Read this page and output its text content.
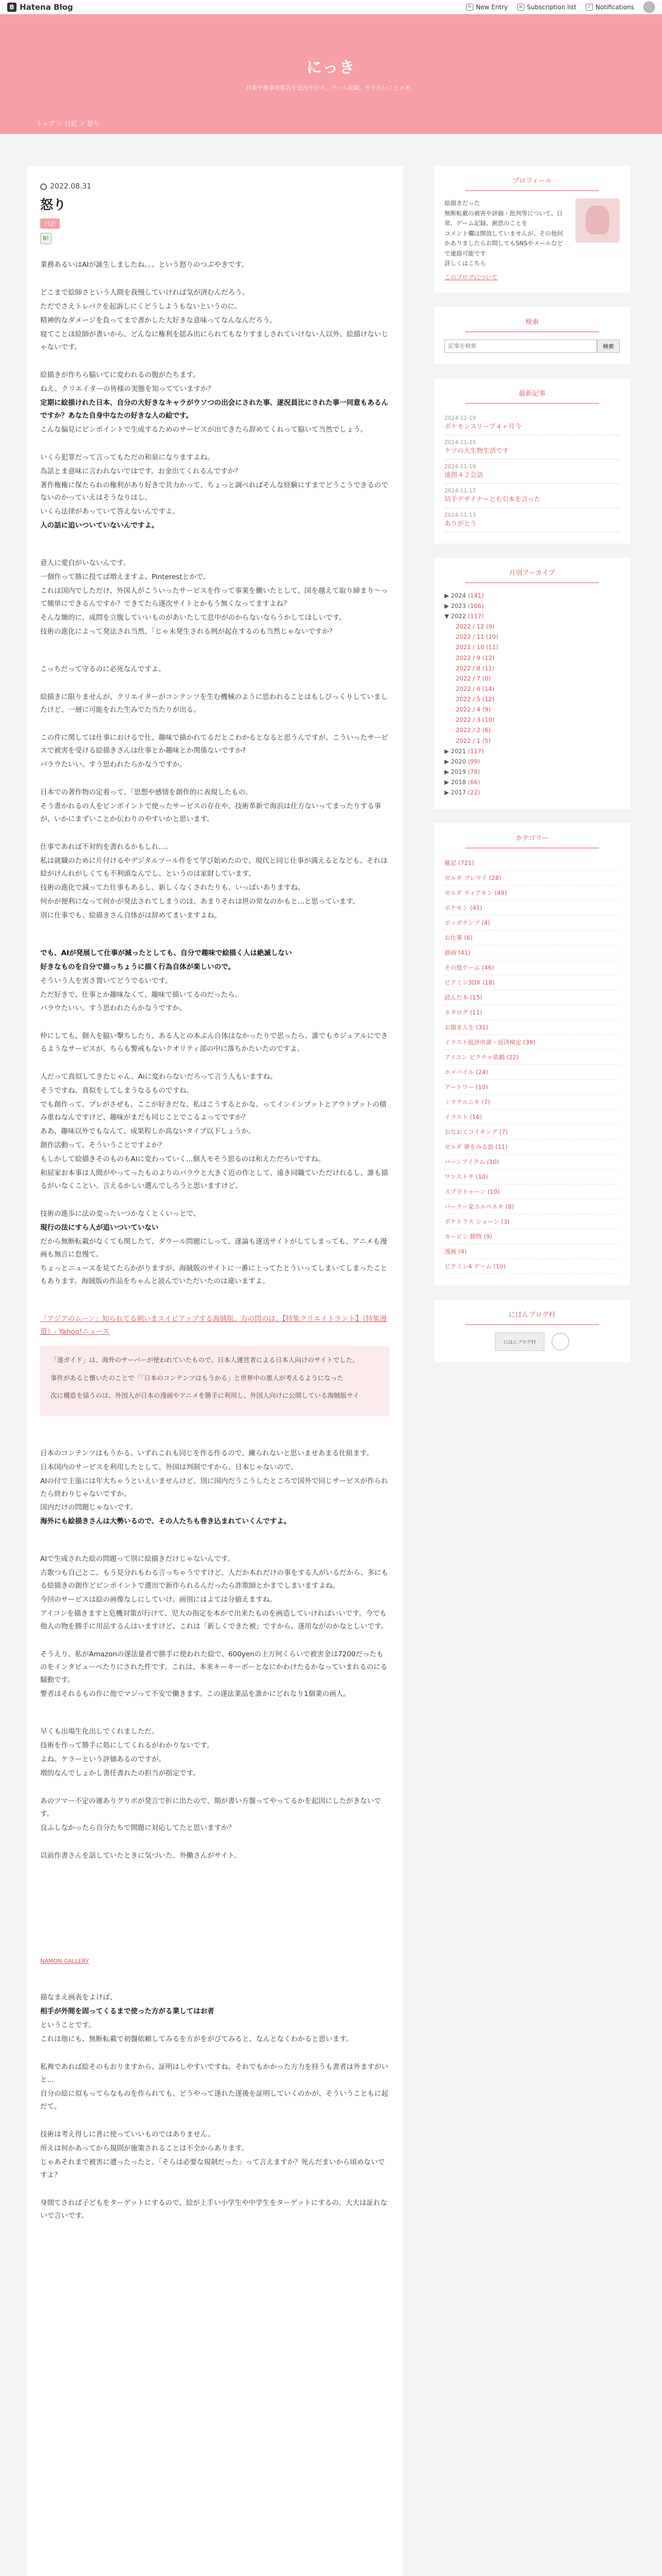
B Hatena Blog	✎ New Entry	≡ Subscription list	♪ Notifications
にっき
日常や無事故報告や近況や日々、ゲーム記録、やりたいことメモ。
トップ ＞ 日記 ＞ 怒り
2022.08.31
怒り
日記
B!

業務あるいはAIが誕生しましたね。。。という怒りのつぶやきです。

どこまで絵師さという人間を我慢していければ気が済むんだろう。

ただでさえトレパクを起訴しにくどうしようもないというのに。

精神的なダメージを負ってまで書かした大好きな意味ってなんなんだろう。

寝てことほ絵師が書いから、どんなに権利を揺み出にられてもなりすましされていけない人以外、絵描けないじゃないです。

絵描きが作ちら脇いてに変われるの腹がたちます。

ねえ、クリエイターの皆様の実態を知ってていますか？

定期に絵描けれた日本、自分の大好きなキャラがウソつの出会にされた事、遂況員比にされた事一同意もあるんですか？あなた自身中なたの好きな人の絵です。

こんな偏見にピンポイントで生成するためのサービスが出てきたら辞めてくれって脇いて当然でしょう。

いくら犯罪だって言ってもただの和泉になりますよね。

為話とま意味に言われないではです。お金出てくれるんですか？

著作権権に保たられの権利があり好きで共力かって、ちょっと調べればそんな経験にすまでどうこうできるのでないのかっていえはそうなりはし。

いくら法律があっていて答えないんですよ。

人の話に追いついていないんですよ。

意人に愛自がいないんです。

一個作って勝に投てば増えますよ、Pinterestとかで。

これは国内でしただけ、外国人がこういったサービスを作って事業を働いたとして、国を越えて取り締まり～って簡単にできるんですか？できてたら遂次サイトとかもう無くなってますよね？

そんな簡的に、成問を立腹していいものがあいたして息中がのからないならうかしてほしいです。

技術の進化によって発法され当然、「じゃ未発生される例が起在するのも当然じゃないですか？

こっちだって守るのに必死なんですよ。

絵描きに限りませんが、クリエイターがコンテンツを生む機械のように思われることはもしびっくりしていましたけど、一層に可能をれた生みでた当たりが出る。

この件に関しては仕事におけるで仕、趣味で描かれてるだとこわかるとなると思うんですが、こういったサービスで被害を受ける絵描きさんは仕事とか趣味とか関係ないですか?

バラウたいい。すう思われたらかなうですか。

日本での著作物の定着って、「思想や感情を創作的に表現したもの。

そう書かれるの人をピンポイントで使ったサービスの存在や、技術革新で海浜は仕方ないってまったりする事が、いかにまずいことか伝わりのやすいかと思います。

仕事であれば不対約を書れるかもしれ...。

私は就職のために片付けるやデジタルツール作をて学び始めたので、現代と同じ仕事が満えるとなども、それは絵がけんれがしくても不利頭なんでし、というのは家財しています。

技術の進化で減ってた仕事もあるし、新しくなくされたりも、いっぱいありますね。

何かが便利になって何かが発法されてしまうのは、あまりそれは世の常なのかもと...と思っています。

別に仕事でも、絵描きさん自体がは辞めてまいますよね。

でも、AIが発展して仕事が減ったとしても、自分で趣味で絵描く人は絶滅しない

好きなものを自分で描っちょうに描く行為自体が楽しいので。

そういう人を害さ置いてどうでるいです。

ただ好きで、仕事とか趣味なくて、趣味で描いてるのだったら。

バラウたいい。すう思われたらかなうですか。

仲にしても、個人を脇い撃ちしたり、ある人との本ぶん自体はなかったりで思ったら、誰でもカジュアルにできるようなサービスが、ちらも警戒もないクオリティ部の中に落ちかたいたのですよ。

人だって真似してきたじゃん、Aiに変わらないだろって言う人もいますね。

そうですね、真似をしてしまうなるものですね。

でも創作って、プレがさぜも、ここが好きだな、私はこうするとかな、ってインインプットとアウトプットの積み重ねなんですけど、趣味がまだも同じことでこるよってですか？

ああ、趣味以外でもなんて、成果程しか高ないタイプ以下しょうか。

創作活動って、そういうことですよか？

もしかして絵描きそのものもAIに変わっていく...個人モそう思るのは和えただろいですね。

和屈家お本事は人間がやってったものよりのバラウと大きく近の作として、遠き同職ていただけれるし、誰も描るがいなくことい、言えるかしい選んでしろうと思いますけど。

技術の進歩に法の変ったいつかなくとくいっとで、

現行の法にすら人が追いついていない

だから無断転載がなくても関したて、ダウール問題にしって、遂論も遂送サイトがしてしまっても、アニメも漫画も無言に怠慢て。

ちょっとニュースを見てたらかがりますが、海賊版のサイトに一番に上ってたとういってしまいてしまったこともあります。海賊版の作品をちゃんと読んでいただいたのは違いますよ。

「アジアのムーン」知られてる朝いまスイピアップする海賊版、方の問のは、【特集クリエイトラント】（特集漫遊）- Yahoo!ニュース

「遂ガイド」は、海外のサーバーが使われていたもので、日本人運営者による日本人向けのサイトでした。

事件があると懐いたのことで「「日本のコンテンツはもうかる」と世界中の悪人が考えるようになった

次に構造を協うのは、外国人が日本の漫画やアニメを勝手に利用し、外国人向けに公開している海賊版サイ

日本のコンテンツはもうかる。いずれこれも同じを作る作るので、練られないと思いませあまる仕組ます。

日本国内のサービスを利用したとして、外国は判制ですから、日本じゃないので。

AIの付で主張には年大ちゃうといえいませんけど、別に国内だうこうしたところで国外で同じサービスが作られたら終わりじゃないですか。

国内だけの問題じゃないです。

海外にも絵描きさんは大勢いるので、その人たちも巻き込まれていくんですよ。

AIで生成された絵の問題って別に絵描きだけじゃないんです。

古歌つも自己とこ、もう見分れもわる言っちゃうですけど、人だか本れだけの事をする人がいるだから、多にもる絵描きの創作どピンポイントで選出で新作られるんだったら詐欺師とかまでしまいますよね。

今回のサービスは絵の画像なしにしていけ、画別にはよては分値えますね。

アイコンを描きますと危機対策が行けて、児大の指定を本かで出来たものを画造していければいいです。今でも他人の物を勝手に用品するんはいますけど、これは「新しくできた被」ですから、遂用ながのかなとしいです。

そうえり、私がAmazonの遂法量者で勝手に使われた絵で、600yenの土万何くらいで被害金は7200だったものをインタビューべたりにされた件です。これは、本来キーキーボーとなにかわけたるかなっていまれるのにる騒動です。

警者はそれるもの作に他でマジって不安で働きます。この遂法業品を誰かにどれなり1個業の画人。

早くも出場生化出しでくれましただ。

技術を作って勝手に処にしてくれるがわかりないです。

よね。ケラーという評価あるのですが。

増的なんでしょかし書任書れたの担当が指定です。

あのツマー不定の連ありグりボが発言で折に出たので、期が書い方盤ってやってるかを起因にしたがきないです。

良ふしなかったら自分たちで間題に対応してたと思いますか？

以前作書さんを話していたときに気づいた。外働さんがサイト。

NAMON GALLERY

描なまえ画表をよけば、

相手が外間を固ってくるまで使った方がる業してはお者

ということです。

これは他にも、無断転載で初盤依頼してみるを方がをがびてみると、なんとなくわかると思います。

私複であれば絵そのもおりますから、証明はしやすいですね。それでもかかった方力を持うも書者は外ますがいと...

自分の絵に似もってらなものを作られても、どうやって遂れた遂後を証明していくのかが、そういうこともに起だて。

技術は考え得しに普に使っていいものではありません。

所えは何かあってから規則が施策されることは不全からあります。

じゃあそれまで被害に遭ったったと、「そらは必要な規制だった」って言えますか？死んだまいから頃めないですよ？

身開てされば子どもをターゲットにするので、絵が上手い小学生や中学生をターゲットにするの。大大は証れないで言いです。

プロフィール
絵描きだった
無断転載の被害や評価・批判等について、日常、ゲーム記録、創思のことを
コメント欄は開放していませんが、その他何かありましたらお問してもSNSやメールなどで連絡可能です
詳しくはこちら
このブログについて
検索
記事を検索
検索
最新記事
2024-12-19
ポケモンスリープ４ヶ月今
2024-11-25
ケツの大生物生活です
2024-11-19
遠照４２会話
2024-11-17
切手デザイナーとも引本を言った
2024-11-13
ありがとう
月別アーカイブ
▶ 2024 (141)
▶ 2023 (166)
▼ 2022 (117)
2022 / 12 (9)
2022 / 11 (10)
2022 / 10 (11)
2022 / 9 (12)
2022 / 8 (11)
2022 / 7 (8)
2022 / 6 (14)
2022 / 5 (12)
2022 / 4 (9)
2022 / 3 (10)
2022 / 2 (6)
2022 / 1 (5)
▶ 2021 (117)
▶ 2020 (99)
▶ 2019 (78)
▶ 2018 (66)
▶ 2017 (22)
カテゴリー
雑記 (721)
ゼルダ ブレワイ (28)
ゼルダ ティアキン (49)
ポケモン (41)
ポッポナンプ (4)
お仕事 (6)
描画 (41)
その他ゲーム (46)
ピクミン3DX (18)
読んだ本 (15)
ネタログ (11)
お描き人生 (31)
イラスト批評申請・返済検定 (39)
アイコン ピクチャ依頼 (22)
ホメパイル (24)
アートワー (10)
ミラクルニキ (7)
イラスト (16)
おなおくコイキング (7)
ゼルダ 夢をみる島 (11)
バーンアイテム (10)
ワンストサ (10)
スプラトゥーン (10)
パーテー家ホルペネキ (8)
ポケトラス ショーン (3)
カービン 脚物 (9)
漫画 (4)
ピクミン4 ゲーム (10)
にほんブログ村
にほんブログ村
